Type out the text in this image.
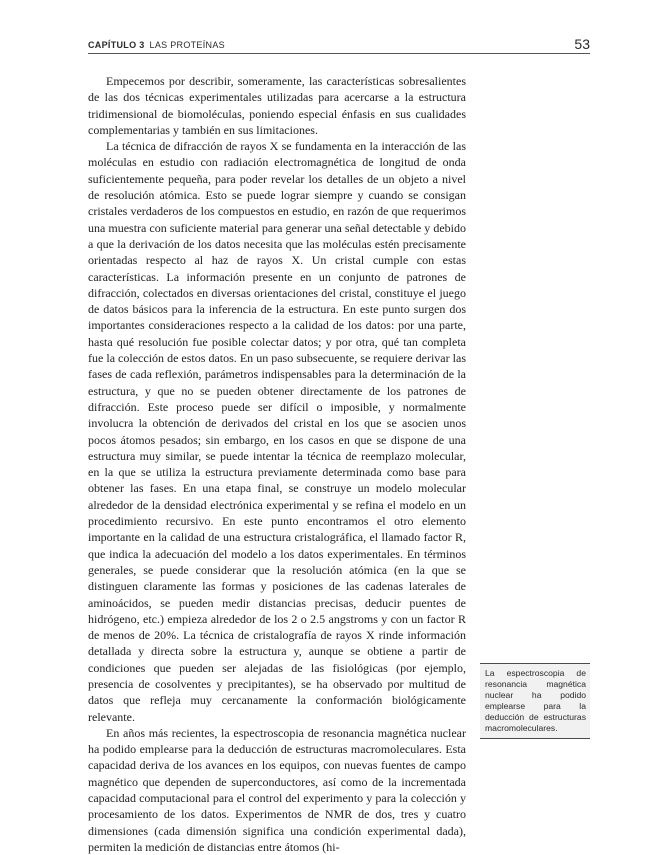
CAPÍTULO 3 LAS PROTEÍNAS	53

Empecemos por describir, someramente, las características sobresalientes de las dos técnicas experimentales utilizadas para acercarse a la estructura tridimensional de biomoléculas, poniendo especial énfasis en sus cualidades complementarias y también en sus limitaciones.

La técnica de difracción de rayos X se fundamenta en la interacción de las moléculas en estudio con radiación electromagnética de longitud de onda suficientemente pequeña, para poder revelar los detalles de un objeto a nivel de resolución atómica. Esto se puede lograr siempre y cuando se consigan cristales verdaderos de los compuestos en estudio, en razón de que requerimos una muestra con suficiente material para generar una señal detectable y debido a que la derivación de los datos necesita que las moléculas estén precisamente orientadas respecto al haz de rayos X. Un cristal cumple con estas características. La información presente en un conjunto de patrones de difracción, colectados en diversas orientaciones del cristal, constituye el juego de datos básicos para la inferencia de la estructura. En este punto surgen dos importantes consideraciones respecto a la calidad de los datos: por una parte, hasta qué resolución fue posible colectar datos; y por otra, qué tan completa fue la colección de estos datos. En un paso subsecuente, se requiere derivar las fases de cada reflexión, parámetros indispensables para la determinación de la estructura, y que no se pueden obtener directamente de los patrones de difracción. Este proceso puede ser difícil o imposible, y normalmente involucra la obtención de derivados del cristal en los que se asocien unos pocos átomos pesados; sin embargo, en los casos en que se dispone de una estructura muy similar, se puede intentar la técnica de reemplazo molecular, en la que se utiliza la estructura previamente determinada como base para obtener las fases. En una etapa final, se construye un modelo molecular alrededor de la densidad electrónica experimental y se refina el modelo en un procedimiento recursivo. En este punto encontramos el otro elemento importante en la calidad de una estructura cristalográfica, el llamado factor R, que indica la adecuación del modelo a los datos experimentales. En términos generales, se puede considerar que la resolución atómica (en la que se distinguen claramente las formas y posiciones de las cadenas laterales de aminoácidos, se pueden medir distancias precisas, deducir puentes de hidrógeno, etc.) empieza alrededor de los 2 o 2.5 angstroms y con un factor R de menos de 20%. La técnica de cristalografía de rayos X rinde información detallada y directa sobre la estructura y, aunque se obtiene a partir de condiciones que pueden ser alejadas de las fisiológicas (por ejemplo, presencia de cosolventes y precipitantes), se ha observado por multitud de datos que refleja muy cercanamente la conformación biológicamente relevante.

En años más recientes, la espectroscopia de resonancia magnética nuclear ha podido emplearse para la deducción de estructuras macromoleculares. Esta capacidad deriva de los avances en los equipos, con nuevas fuentes de campo magnético que dependen de superconductores, así como de la incrementada capacidad computacional para el control del experimento y para la colección y procesamiento de los datos. Experimentos de NMR de dos, tres y cuatro dimensiones (cada dimensión significa una condición experimental dada), permiten la medición de distancias entre átomos (hi-

La espectroscopia de resonancia magnética nuclear ha podido emplearse para la deducción de estructuras macromoleculares.
